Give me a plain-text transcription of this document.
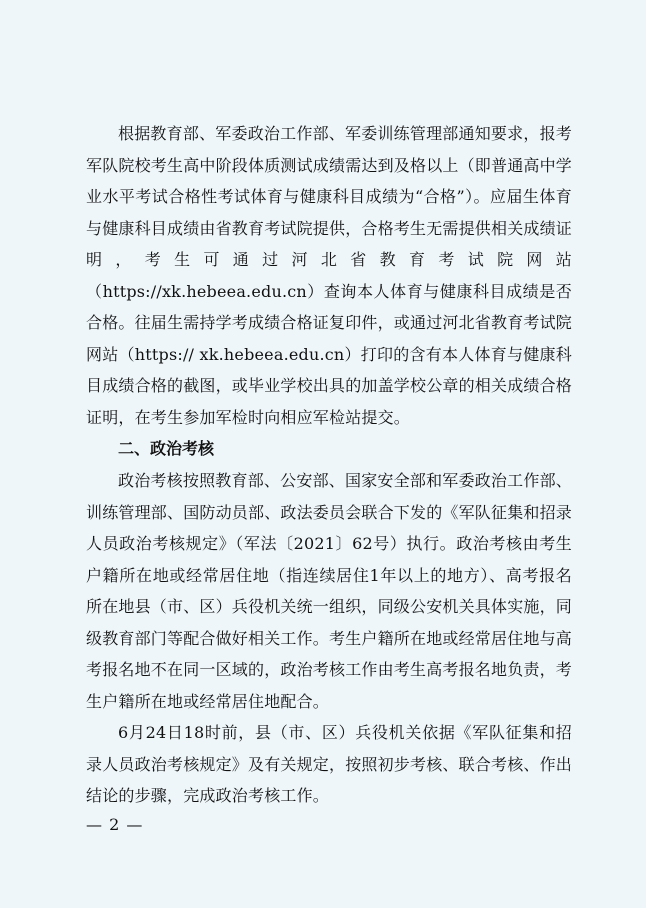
根据教育部、军委政治工作部、军委训练管理部通知要求，报考军队院校考生高中阶段体质测试成绩需达到及格以上（即普通高中学业水平考试合格性考试体育与健康科目成绩为“合格”）。应届生体育与健康科目成绩由省教育考试院提供，合格考生无需提供相关成绩证明，考生可通过河北省教育考试院网站（https://xk.hebeea.edu.cn）查询本人体育与健康科目成绩是否合格。往届生需持学考成绩合格证复印件，或通过河北省教育考试院网站（https:// xk.hebeea.edu.cn）打印的含有本人体育与健康科目成绩合格的截图，或毕业学校出具的加盖学校公章的相关成绩合格证明，在考生参加军检时向相应军检站提交。

二、政治考核

政治考核按照教育部、公安部、国家安全部和军委政治工作部、训练管理部、国防动员部、政法委员会联合下发的《军队征集和招录人员政治考核规定》（军法〔2021〕62号）执行。政治考核由考生户籍所在地或经常居住地（指连续居住1年以上的地方）、高考报名所在地县（市、区）兵役机关统一组织，同级公安机关具体实施，同级教育部门等配合做好相关工作。考生户籍所在地或经常居住地与高考报名地不在同一区域的，政治考核工作由考生高考报名地负责，考生户籍所在地或经常居住地配合。

6月24日18时前，县（市、区）兵役机关依据《军队征集和招录人员政治考核规定》及有关规定，按照初步考核、联合考核、作出结论的步骤，完成政治考核工作。

— 2 —
